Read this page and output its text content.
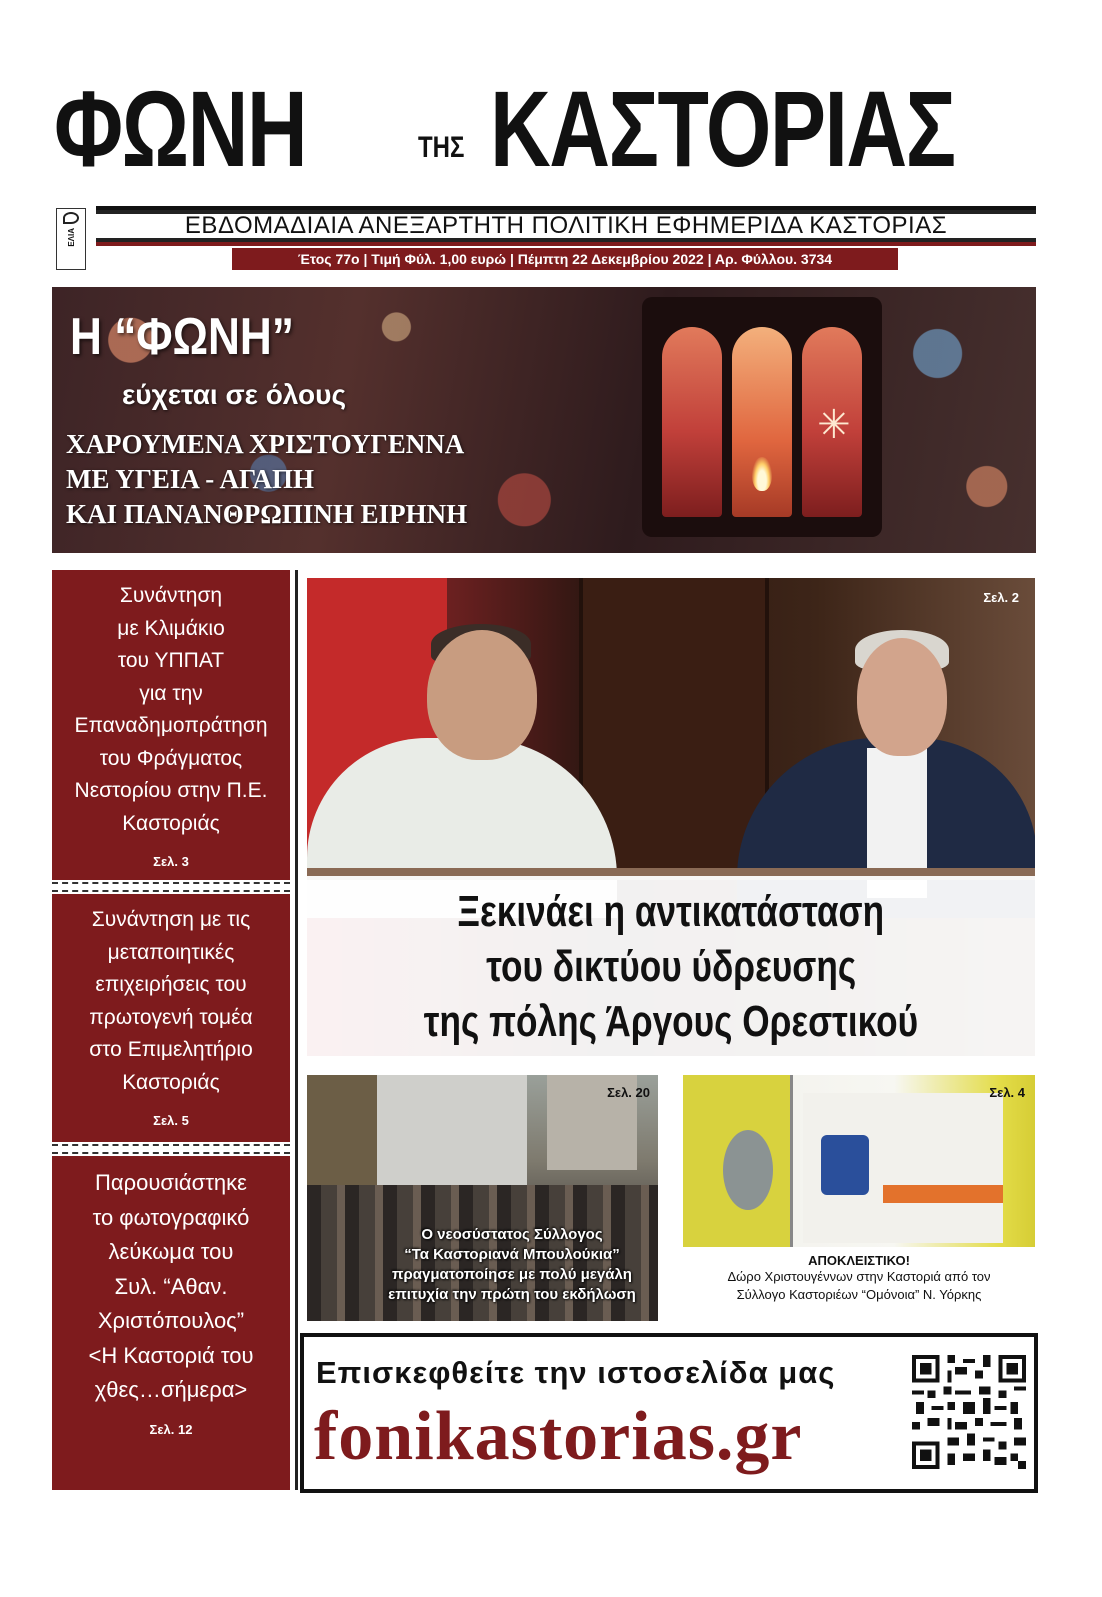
ΦΩΝΗ	ΤΗΣ ΚΑΣΤΟΡΙΑΣ
ΕΛΙΑ	ΕΒΔΟΜΑΔΙΑΙΑ ΑΝΕΞΑΡΤΗΤΗ ΠΟΛΙΤΙΚΗ ΕΦΗΜΕΡΙΔΑ ΚΑΣΤΟΡΙΑΣ
Έτος 77ο | Τιμή Φύλ. 1,00 ευρώ | Πέμπτη 22 Δεκεμβρίου 2022 | Αρ. Φύλλου. 3734
✳
Η “ΦΩΝΗ”
εύχεται σε όλους
ΧΑΡΟΥΜΕΝΑ ΧΡΙΣΤΟΥΓΕΝΝΑ
ΜΕ ΥΓΕΙΑ - ΑΓΑΠΗ
ΚΑΙ ΠΑΝΑΝΘΡΩΠΙΝΗ ΕΙΡΗΝΗ
Συνάντηση
με Κλιμάκιο
του ΥΠΠΑΤ
για την
Επαναδημοπράτηση
του Φράγματος
Νεστορίου στην Π.Ε.
Καστοριάς
Σελ. 3
Συνάντηση με τις
μεταποιητικές
επιχειρήσεις του
πρωτογενή τομέα
στο Επιμελητήριο
Καστοριάς
Σελ. 5
Παρουσιάστηκε
το φωτογραφικό
λεύκωμα του
Συλ. “Αθαν.
Χριστόπουλος”
<Η Καστοριά του
χθες…σήμερα>
Σελ. 12
Σελ. 2
Ξεκινάει η αντικατάσταση
του δικτύου ύδρευσης
της πόλης Άργους Ορεστικού
Σελ. 20
Ο νεοσύστατος Σύλλογος
“Τα Καστοριανά Μπουλούκια”
πραγματοποίησε με πολύ μεγάλη
επιτυχία την πρώτη του εκδήλωση
Σελ. 4
ΑΠΟΚΛΕΙΣΤΙΚΟ!
Δώρο Χριστουγέννων στην Καστοριά από τον
Σύλλογο Καστοριέων “Ομόνοια” Ν. Υόρκης
Επισκεφθείτε την ιστοσελίδα μας
fonikastorias.gr
